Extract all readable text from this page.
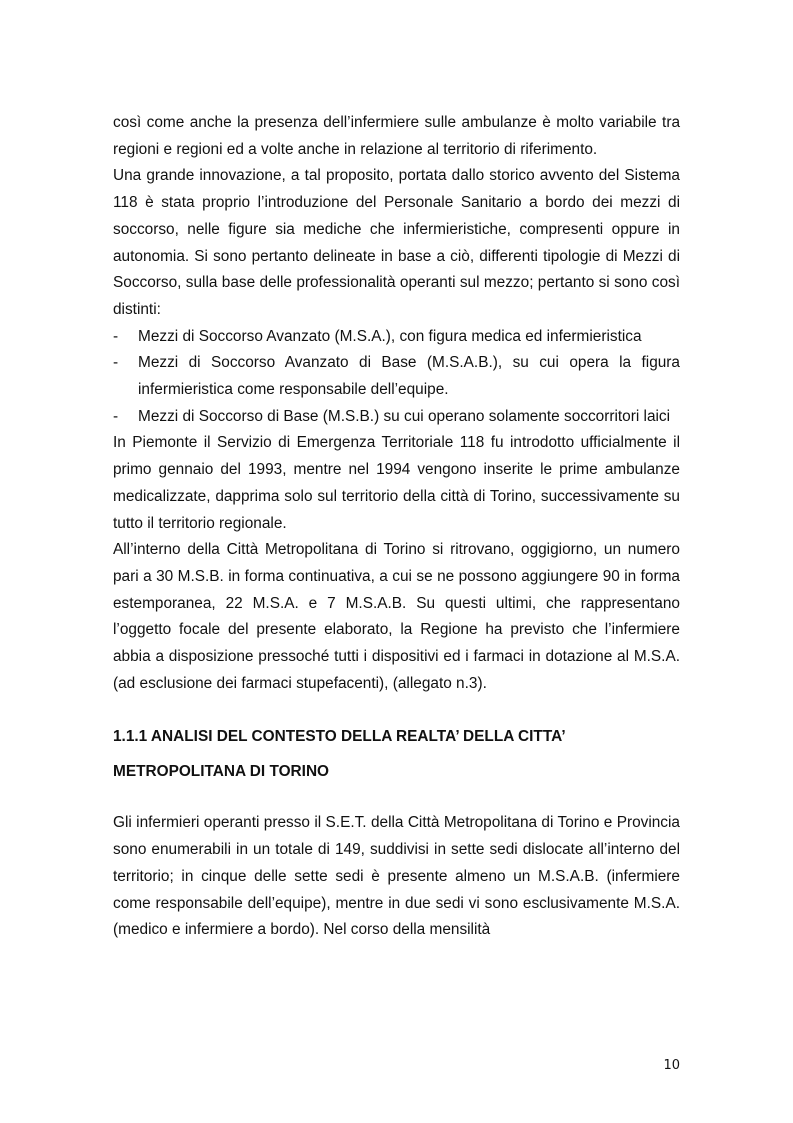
così come anche la presenza dell’infermiere sulle ambulanze è molto variabile tra regioni e regioni ed a volte anche in relazione al territorio di riferimento.

Una grande innovazione, a tal proposito, portata dallo storico avvento del Sistema 118 è stata proprio l’introduzione del Personale Sanitario a bordo dei mezzi di soccorso, nelle figure sia mediche che infermieristiche, compresenti oppure in autonomia. Si sono pertanto delineate in base a ciò, differenti tipologie di Mezzi di Soccorso, sulla base delle professionalità operanti sul mezzo; pertanto si sono così distinti:

- Mezzi di Soccorso Avanzato (M.S.A.), con figura medica ed infermieristica
- Mezzi di Soccorso Avanzato di Base (M.S.A.B.), su cui opera la figura infermieristica come responsabile dell’equipe.
- Mezzi di Soccorso di Base (M.S.B.) su cui operano solamente soccorritori laici

In Piemonte il Servizio di Emergenza Territoriale 118 fu introdotto ufficialmente il primo gennaio del 1993, mentre nel 1994 vengono inserite le prime ambulanze medicalizzate, dapprima solo sul territorio della città di Torino, successivamente su tutto il territorio regionale.

All’interno della Città Metropolitana di Torino si ritrovano, oggigiorno, un numero pari a 30 M.S.B. in forma continuativa, a cui se ne possono aggiungere 90 in forma estemporanea, 22 M.S.A. e 7 M.S.A.B. Su questi ultimi, che rappresentano l’oggetto focale del presente elaborato, la Regione ha previsto che l’infermiere abbia a disposizione pressoché tutti i dispositivi ed i farmaci in dotazione al M.S.A. (ad esclusione dei farmaci stupefacenti), (allegato n.3).

1.1.1 ANALISI DEL CONTESTO DELLA REALTA’ DELLA CITTA’
METROPOLITANA DI TORINO

Gli infermieri operanti presso il S.E.T. della Città Metropolitana di Torino e Provincia sono enumerabili in un totale di 149, suddivisi in sette sedi dislocate all’interno del territorio; in cinque delle sette sedi è presente almeno un M.S.A.B. (infermiere come responsabile dell’equipe), mentre in due sedi vi sono esclusivamente M.S.A. (medico e infermiere a bordo). Nel corso della mensilità

10
